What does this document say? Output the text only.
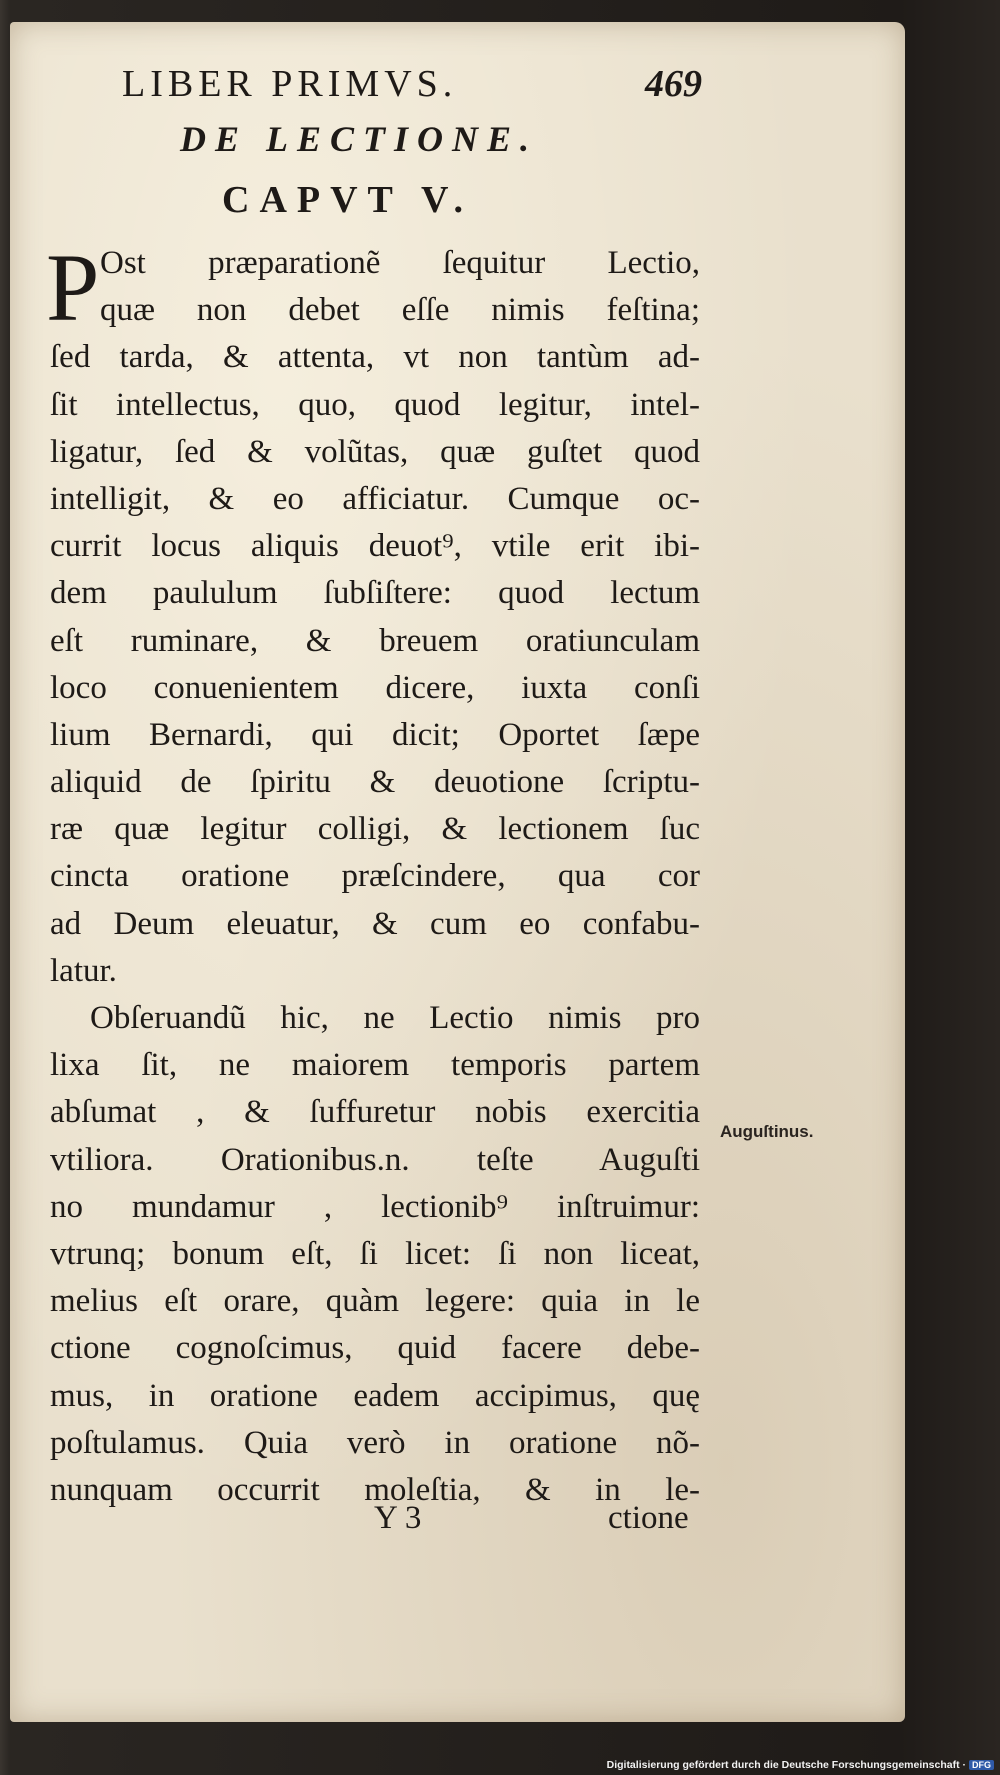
LIBER PRIMVS.	469
DE LECTIONE.
CAPVT V.
P Ost præparationẽ ſequitur Lectio,
quæ non debet eſſe nimis feſtina;
ſed tarda, & attenta, vt non tantùm ad-
ſit intellectus, quo, quod legitur, intel-
ligatur, ſed & volũtas, quæ guſtet quod
intelligit, & eo afficiatur. Cumque oc-
currit locus aliquis deuot⁹, vtile erit ibi-
dem paululum ſubſiſtere: quod lectum
eſt ruminare, & breuem oratiunculam
loco conuenientem dicere, iuxta conſi
lium Bernardi, qui dicit; Oportet ſæpe
aliquid de ſpiritu & deuotione ſcriptu-
ræ quæ legitur colligi, & lectionem ſuc
cincta oratione præſcindere, qua cor
ad Deum eleuatur, & cum eo confabu-
latur.
Obſeruandũ hic, ne Lectio nimis pro
lixa ſit, ne maiorem temporis partem
abſumat , & ſuffuretur nobis exercitia
vtiliora. Orationibus.n. teſte Auguſti
no mundamur , lectionib⁹ inſtruimur:
vtrunq; bonum eſt, ſi licet: ſi non liceat,
melius eſt orare, quàm legere: quia in le
ctione cognoſcimus, quid facere debe-
mus, in oratione eadem accipimus, quę
poſtulamus. Quia verò in oratione nõ-
nunquam occurrit moleſtia, & in le-
Auguſtinus.
Y 3	ctione
Digitalisierung gefördert durch die Deutsche Forschungsgemeinschaft · DFG
